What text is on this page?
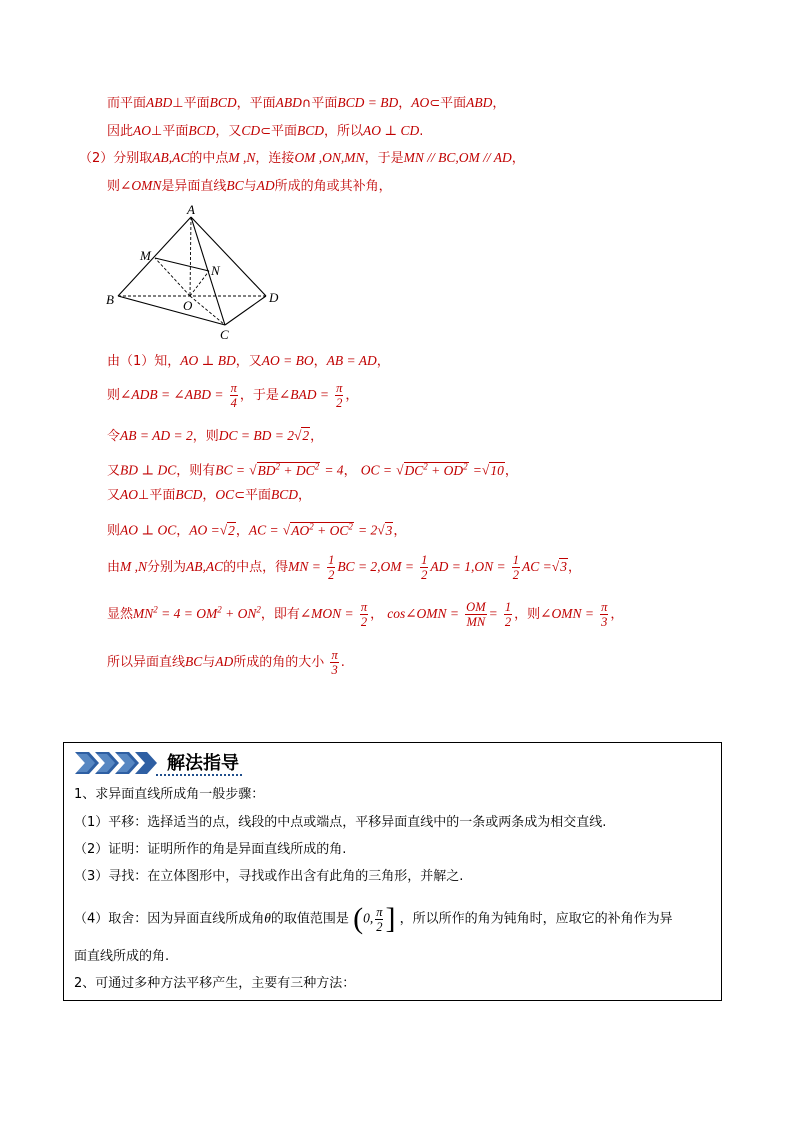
而平面ABD⊥平面BCD，平面ABD∩平面BCD = BD，AO⊂平面ABD，
因此AO⊥平面BCD，又CD⊂平面BCD，所以AO ⊥ CD.
（2）分别取AB,AC的中点M ,N，连接OM ,ON,MN，于是MN // BC,OM // AD，
则∠OMN是异面直线BC与AD所成的角或其补角，
A
M
N
B	O
D
C
由（1）知，AO ⊥ BD，又AO = BO，AB = AD，
则∠ADB = ∠ABD = $\frac{\pi}{4}$ ，于是∠BAD = $\frac{\pi}{2}$ ，
令AB = AD = 2，则DC = BD = 2√2，
又BD ⊥ DC，则有BC = $√BD^2 + DC^2 = 4$， OC = $√DC^2 + OD^2 =√10$，
又AO⊥平面BCD，OC⊂平面BCD，
则AO ⊥ OC，AO =√2，AC = $√AO^2 + OC^2 = 2√3$，
由M ,N分别为AB,AC的中点，得MN = $\frac{1}{2}$ BC = $2,OM = \frac{1}{2}$ AD = $1,ON = \frac{1}{2}$ AC =√3，
显然$MN^2 = 4 = OM^2 + ON^2$，即有∠MON = $\frac{\pi}{2}$ ， cos∠OMN = $\frac{OM}{MN} = \frac{1}{2}$ ，则∠OMN = $\frac{\pi}{3}$ ，
所以异面直线BC与AD所成的角的大小 $\frac{\pi}{3}$ .
解法指导
1、求异面直线所成角一般步骤：
（1）平移：选择适当的点，线段的中点或端点，平移异面直线中的一条或两条成为相交直线.
（2）证明：证明所作的角是异面直线所成的角.
（3）寻找：在立体图形中，寻找或作出含有此角的三角形，并解之.
（4）取舍：因为异面直线所成角θ的取值范围是 (0, $\frac{\pi}{2}$ ] ，所以所作的角为钝角时，应取它的补角作为异
面直线所成的角.
2、可通过多种方法平移产生，主要有三种方法：
